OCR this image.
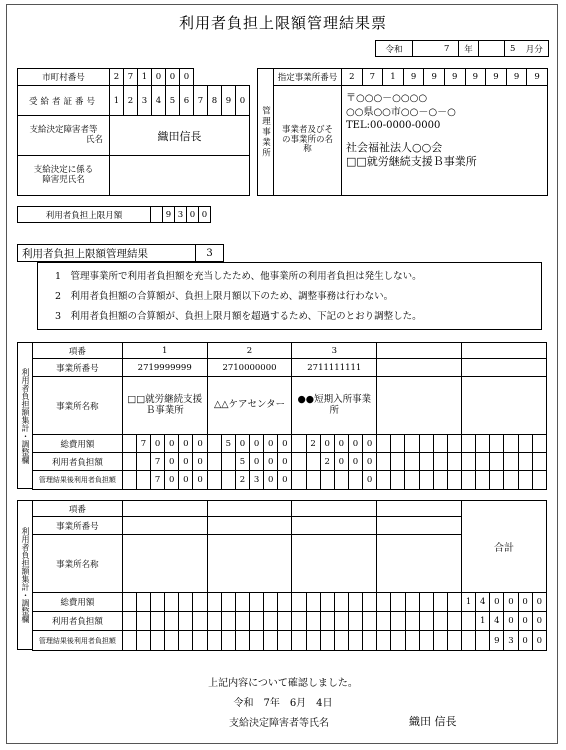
利用者負担上限額管理結果票
令和		7	年		5	月分
市町村番号	2	7	1	0	0	0				
受給者証番号	1	2	3	4	5	6	7	8	9	0

支給決定障害者等
氏名	織田信長									

支給決定に係る
障害児氏名										

管理事業所	指定事業所番号	2	7	1	9	9	9	9	9	9	9

	事業者及びその事業所の名称	〒○○○－○○○○
○○県○○市○○－○－○
TEL:00-0000-0000
社会福祉法人○○会
□□就労継続支援Ｂ事業所									
利用者負担上限月額		9	3	0	0
利用者負担上限額管理結果	3
1　管理事業所で利用者負担額を充当したため、他事業所の利用者負担は発生しない。
2　利用者負担額の合算額が、負担上限月額以下のため、調整事務は行わない。
3　利用者負担額の合算額が、負担上限月額を超過するため、下記のとおり調整した。
利用者負担額集計・調整欄
利用者負担額集計・調整欄
項番	1						2						3																	
事業所番号	2719999999						2710000000						2711111111																	
事業所名称	□□就労継続支援Ｂ事業所						△△ケアセンター						●●短期入所事業所																	
総費用額		7	0	0	0	0		5	0	0	0	0		2	0	0	0	0												
利用者負担額			7	0	0	0			5	0	0	0			2	0	0	0												
管理結果後利用者負担額			7	0	0	0			2	3	0	0						0												
項番																									合計					
事業所番号																														
事業所名称																														
総費用額																									1	4	0	0	0	0
利用者負担額																										1	4	0	0	0
管理結果後利用者負担額																											9	3	0	0
上記内容について確認しました。
令和　7年　6月　4日
支給決定障害者等氏名	織田 信長
